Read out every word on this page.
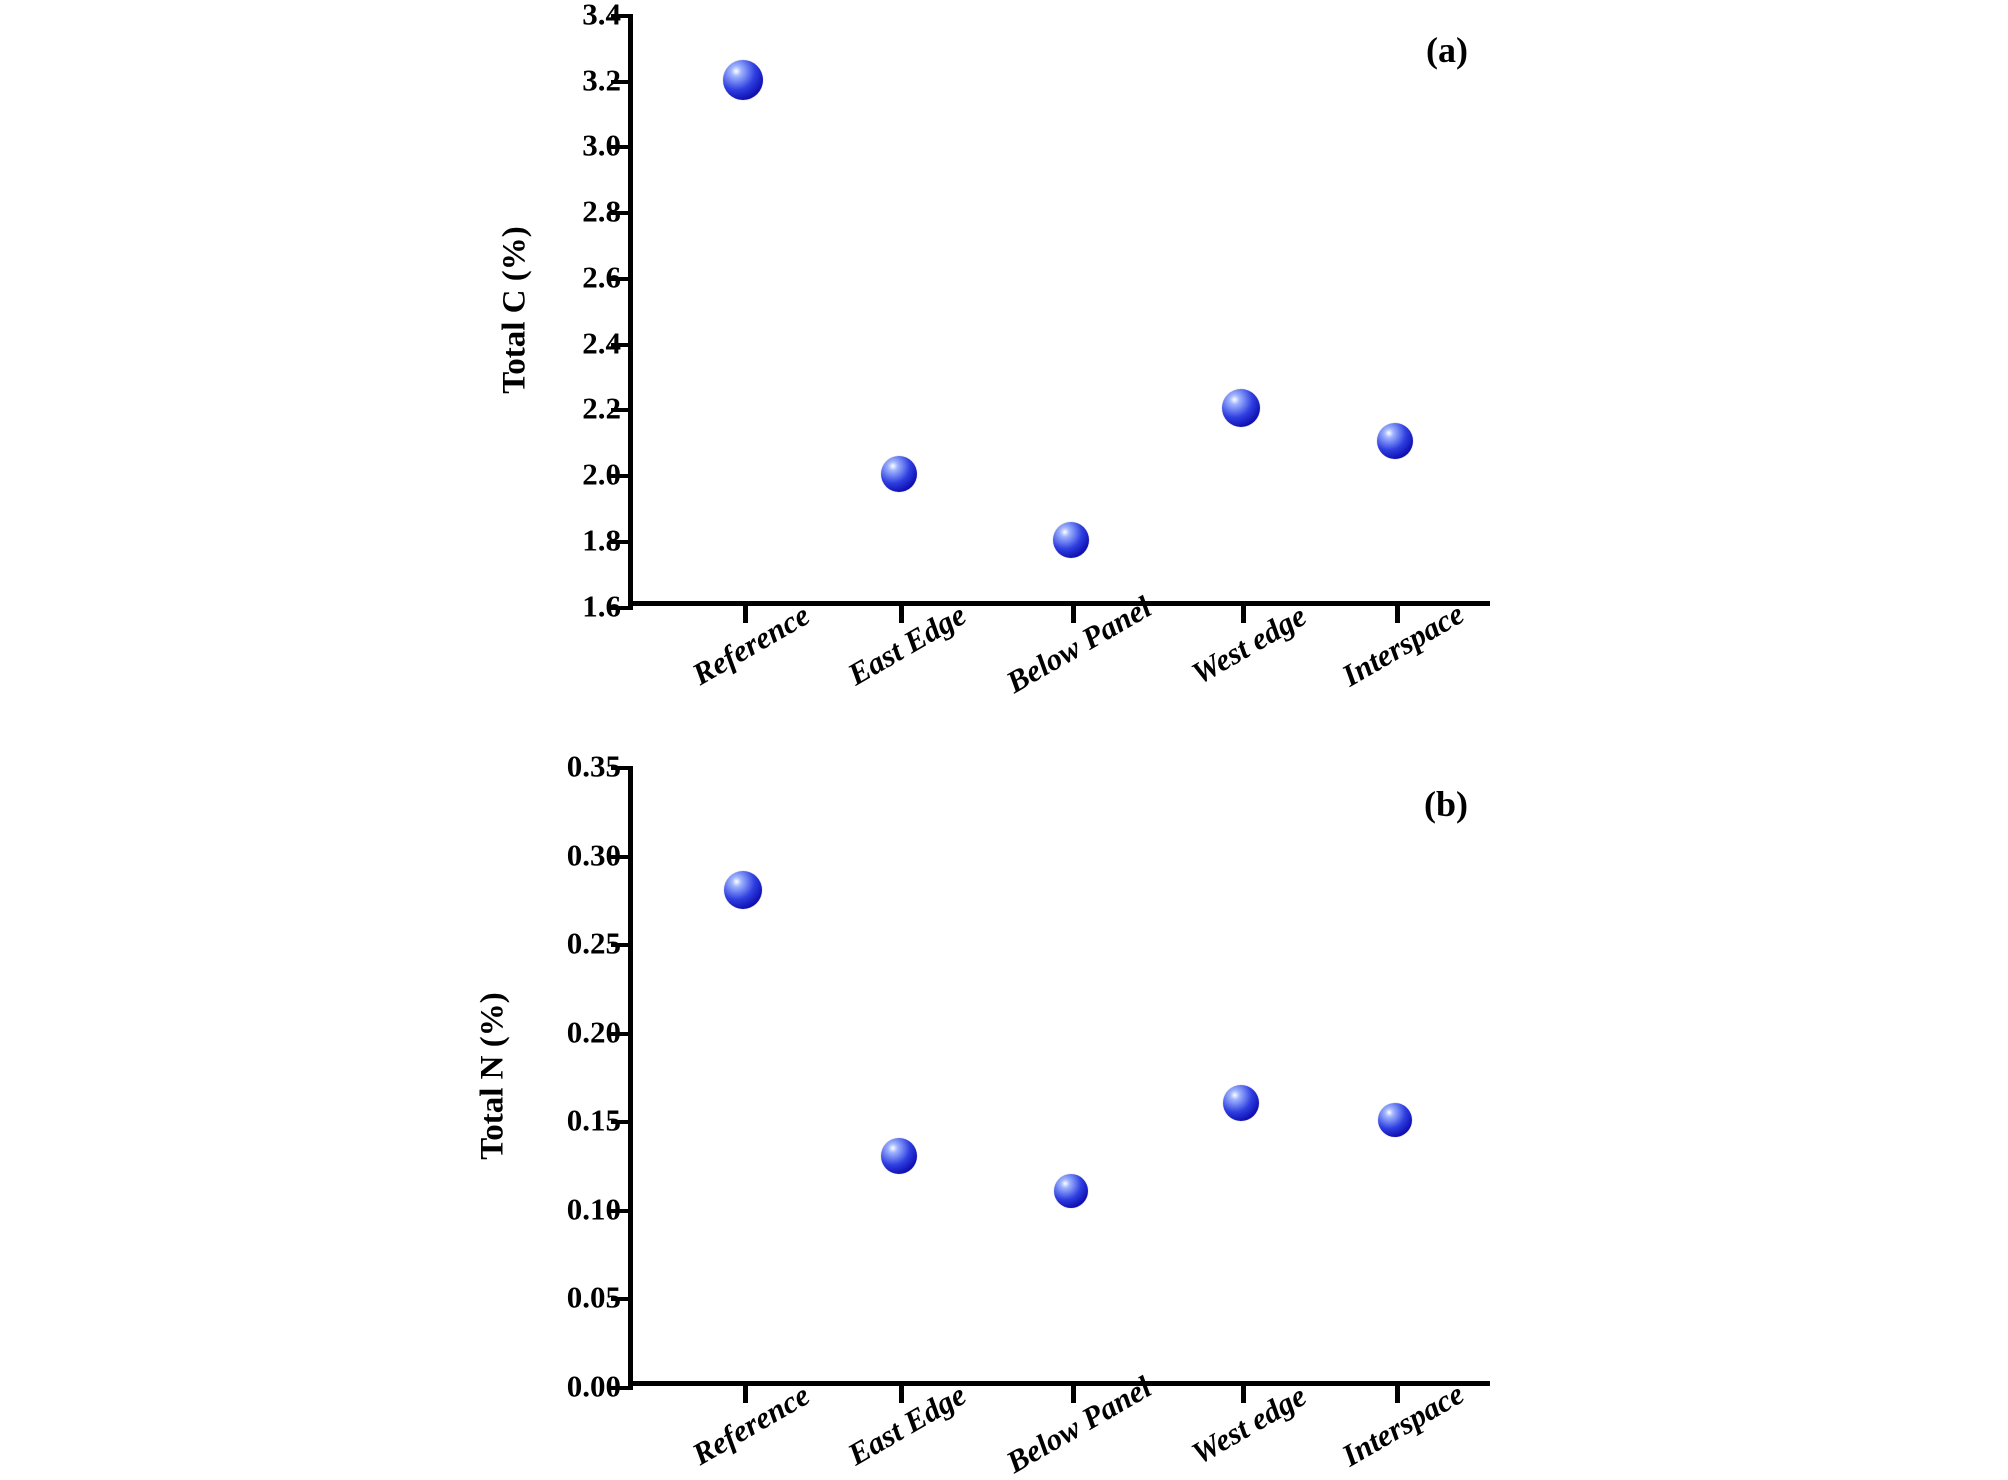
(a)
Total C (%)
1.6
1.8
2.0
2.2
2.4
2.6
2.8
3.0
3.2
3.4
Reference East Edge Below Panel West edge Interspace
(b)
Total N (%)
0.00
0.05
0.10
0.15
0.20
0.25
0.30
0.35
Reference East Edge Below Panel West edge Interspace
